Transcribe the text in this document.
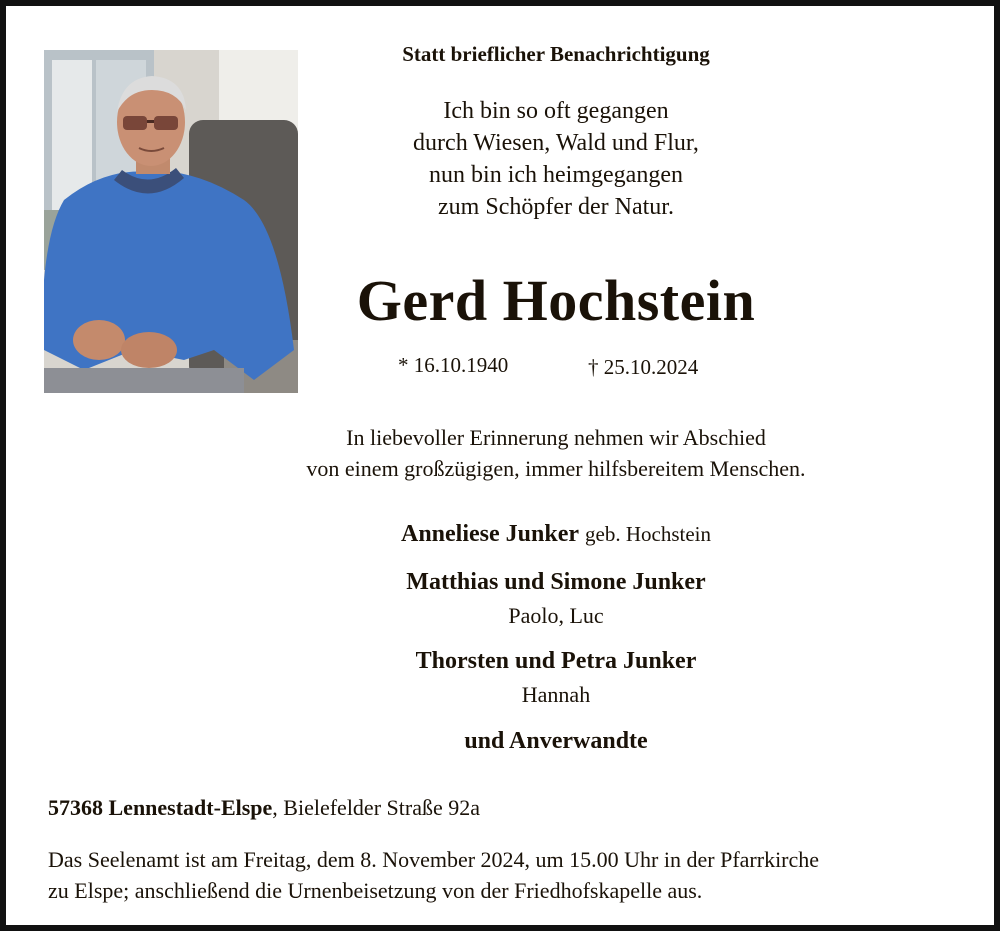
Statt brieflicher Benachrichtigung
Ich bin so oft gegangen
durch Wiesen, Wald und Flur,
nun bin ich heimgegangen
zum Schöpfer der Natur.
Gerd Hochstein
* 16.10.1940	† 25.10.2024
In liebevoller Erinnerung nehmen wir Abschied
von einem großzügigen, immer hilfsbereitem Menschen.
Anneliese Junker geb. Hochstein
Matthias und Simone Junker
Paolo, Luc
Thorsten und Petra Junker
Hannah
und Anverwandte
57368 Lennestadt-Elspe, Bielefelder Straße 92a
Das Seelenamt ist am Freitag, dem 8. November 2024, um 15.00 Uhr in der Pfarrkirche
zu Elspe; anschließend die Urnenbeisetzung von der Friedhofskapelle aus.
